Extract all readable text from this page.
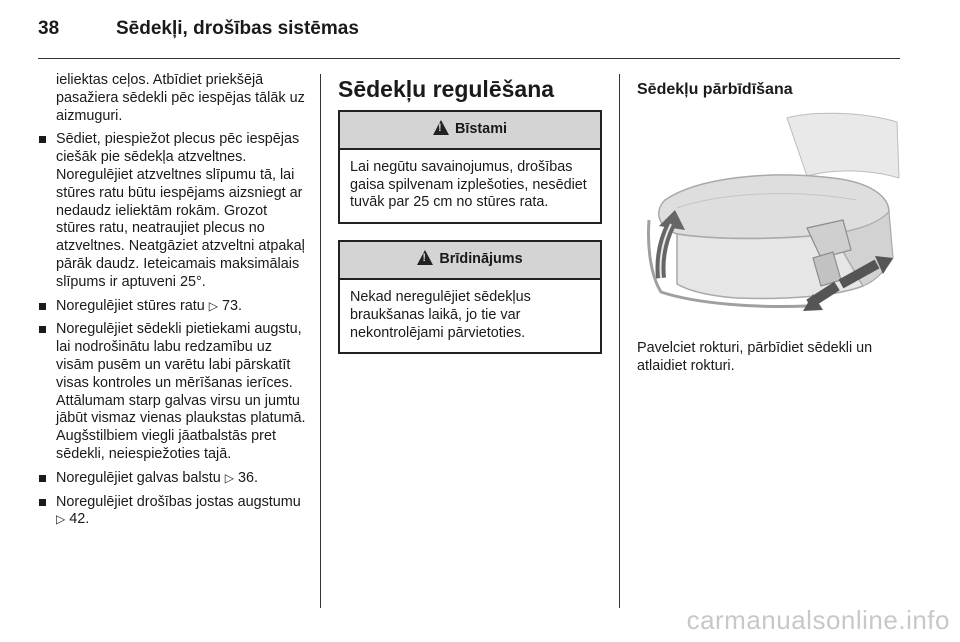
38	Sēdekļi, drošības sistēmas
ieliektas ceļos. Atbīdiet priekšējā pasažiera sēdekli pēc iespējas tālāk uz aizmuguri.
Sēdiet, piespiežot plecus pēc iespējas ciešāk pie sēdekļa atzveltnes. Noregulējiet atzveltnes slīpumu tā, lai stūres ratu būtu iespējams aizsniegt ar nedaudz ieliektām rokām. Grozot stūres ratu, neatraujiet plecus no atzveltnes. Neatgāziet atzveltni atpakaļ pārāk daudz. Ieteicamais maksimālais slīpums ir aptuveni 25°.
Noregulējiet stūres ratu ▷ 73.
Noregulējiet sēdekli pietiekami augstu, lai nodrošinātu labu redzamību uz visām pusēm un varētu labi pārskatīt visas kontroles un mērīšanas ierīces. Attālumam starp galvas virsu un jumtu jābūt vismaz vienas plaukstas platumā. Augšstilbiem viegli jāatbalstās pret sēdekli, neiespiežoties tajā.
Noregulējiet galvas balstu ▷ 36.
Noregulējiet drošības jostas augstumu ▷ 42.
Sēdekļu regulēšana
! Bīstami
Lai negūtu savainojumus, drošības gaisa spilvenam izplešoties, nesēdiet tuvāk par 25 cm no stūres rata.
! Brīdinājums
Nekad neregulējiet sēdekļus braukšanas laikā, jo tie var nekontrolējami pārvietoties.
Sēdekļu pārbīdīšana
Pavelciet rokturi, pārbīdiet sēdekli un atlaidiet rokturi.
carmanualsonline.info
